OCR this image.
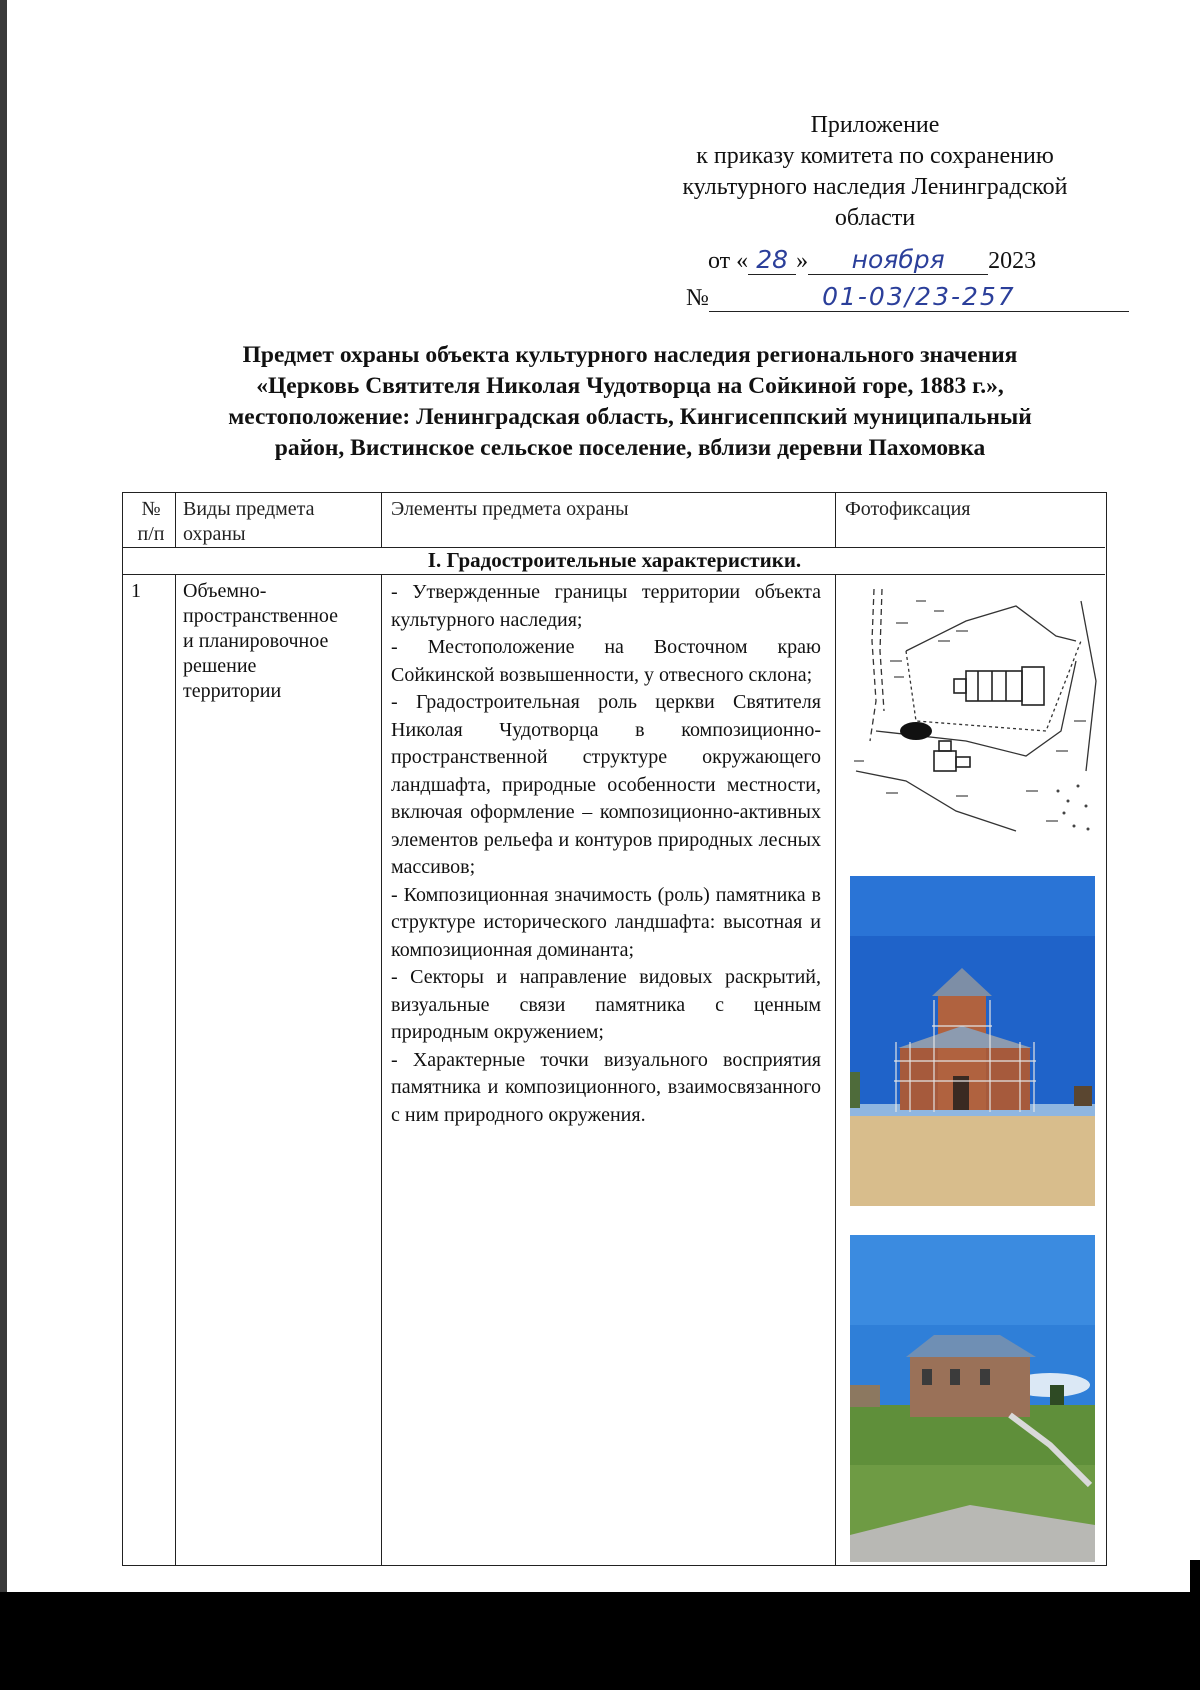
Приложение
к приказу комитета по сохранению
культурного наследия Ленинградской
области
от « 28 » ноября 2023
№	01-03/23-257
Предмет охраны объекта культурного наследия регионального значения
«Церковь Святителя Николая Чудотворца на Сойкиной горе, 1883 г.»,
местоположение: Ленинградская область, Кингисеппский муниципальный
район, Вистинское сельское поселение, вблизи деревни Пахомовка
№
п/п
Виды предмета
охраны
Элементы предмета охраны	Фотофиксация
I. Градостроительные характеристики.
1 Объемно-
пространственное
и планировочное
решение
территории

- Утвержденные границы территории объекта культурного наследия;

- Местоположение на Восточном краю Сойкинской возвышенности, у отвесного склона;

- Градостроительная роль церкви Святителя Николая Чудотворца в композиционно-пространственной структуре окружающего ландшафта, природные особенности местности, включая оформление – композиционно-активных элементов рельефа и контуров природных лесных массивов;

- Композиционная значимость (роль) памятника в структуре исторического ландшафта: высотная и композиционная доминанта;

- Секторы и направление видовых раскрытий, визуальные связи памятника с ценным природным окружением;

- Характерные точки визуального восприятия памятника и композиционного, взаимосвязанного с ним природного окружения.
